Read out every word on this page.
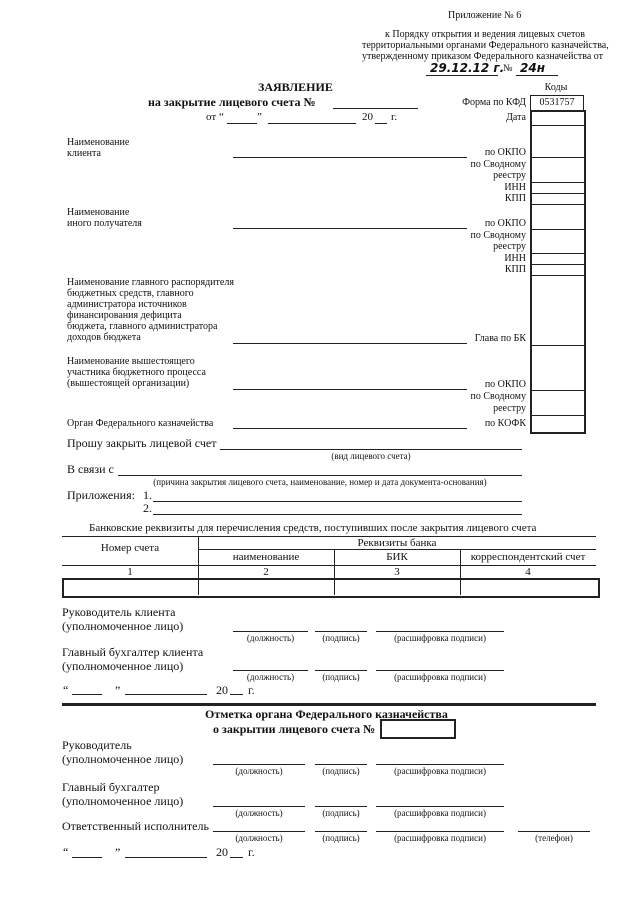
Приложение № 6
к Порядку открытия и ведения лицевых счетов
территориальными органами Федерального казначейства,
утвержденному приказом Федерального казначейства от
29.12.12 г.
№ 24н
ЗАЯВЛЕНИЕ
на закрытие лицевого счета №
от “	”	20 г.
Коды
0531757
Форма по КФД
Дата
Наименование
клиента	по ОКПО
по Сводному
реестру
ИНН
КПП
Наименование
иного получателя	по ОКПО
по Сводному
реестру
ИНН
КПП
Наименование главного распорядителя
бюджетных средств, главного
администратора источников
финансирования дефицита
бюджета, главного администратора
доходов бюджета	Глава по БК
Наименование вышестоящего
участника бюджетного процесса
(вышестоящей организации)	по ОКПО
по Сводному
реестру
Орган Федерального казначейства	по КОФК
Прошу закрыть лицевой счет
(вид лицевого счета)
В связи с
(причина закрытия лицевого счета, наименование, номер и дата документа-основания)
Приложения: 1.
2.
Банковские реквизиты для перечисления средств, поступивших после закрытия лицевого счета
Номер счета	Реквизиты банка
наименование	БИК	корреспондентский счет
1	2	3	4
Руководитель клиента
(уполномоченное лицо)
(должность)	(подпись)	(расшифровка подписи)
Главный бухгалтер клиента
(уполномоченное лицо)
(должность)	(подпись)	(расшифровка подписи)
“	”	20 г.
Отметка органа Федерального казначейства
о закрытии лицевого счета №
Руководитель
(уполномоченное лицо)
(должность)	(подпись)	(расшифровка подписи)
Главный бухгалтер
(уполномоченное лицо)
(должность)	(подпись)	(расшифровка подписи)
Ответственный исполнитель
(должность)	(подпись)	(расшифровка подписи)	(телефон)
“	”	20 г.
